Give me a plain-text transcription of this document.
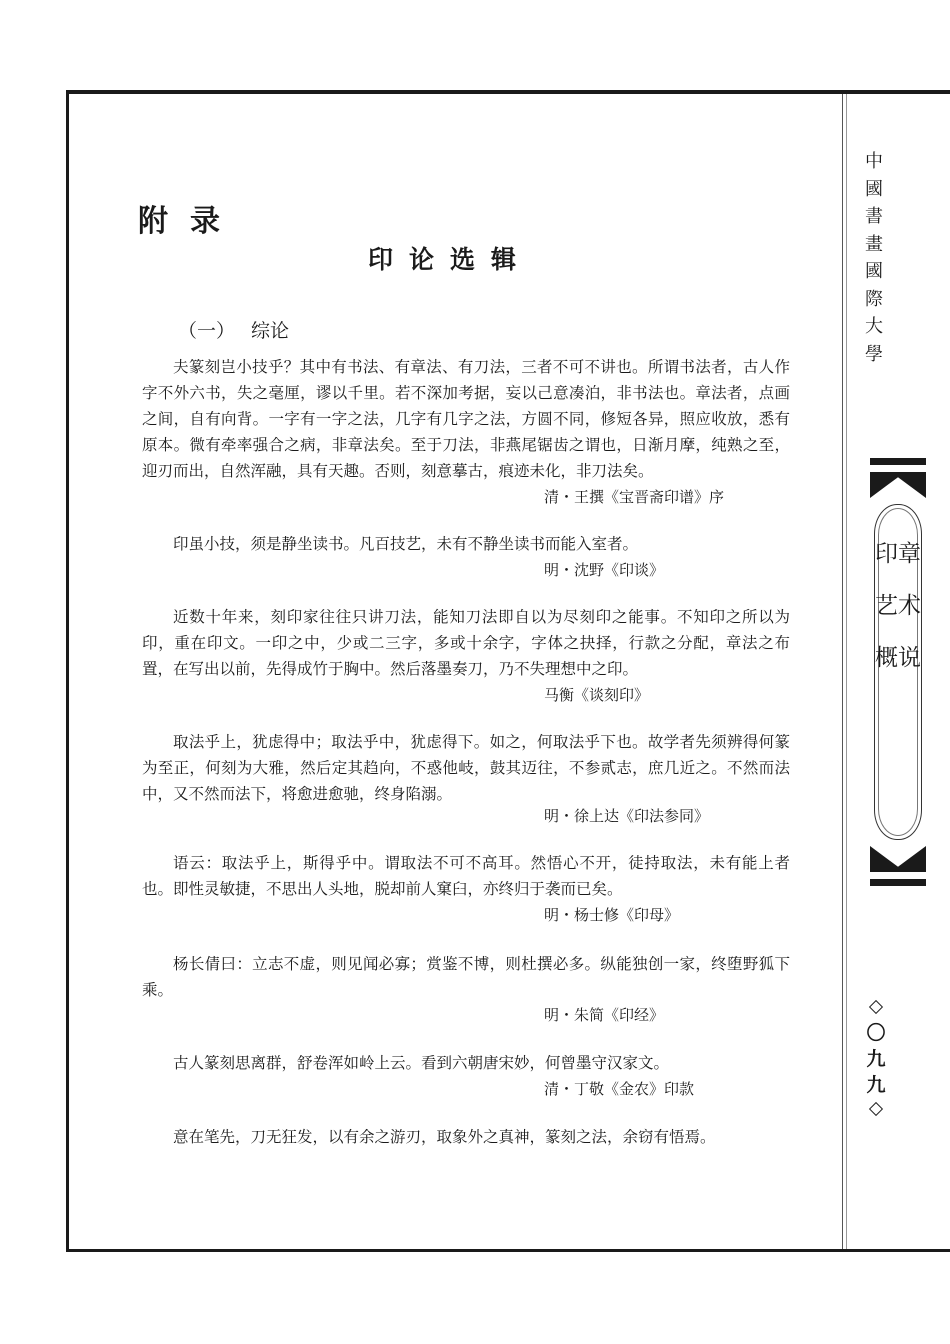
附录
印论选辑
（一） 综论

夫篆刻岂小技乎？其中有书法、有章法、有刀法，三者不可不讲也。所谓书法者，古人作字不外六书，失之毫厘，谬以千里。若不深加考据，妄以己意凑泊，非书法也。章法者，点画之间，自有向背。一字有一字之法，几字有几字之法，方圆不同，修短各异，照应收放，悉有原本。微有牵率强合之病，非章法矣。至于刀法，非燕尾锯齿之谓也，日渐月摩，纯熟之至，迎刃而出，自然浑融，具有天趣。否则，刻意摹古，痕迹未化，非刀法矣。

清・王撰《宝晋斋印谱》序

印虽小技，须是静坐读书。凡百技艺，未有不静坐读书而能入室者。

明・沈野《印谈》

近数十年来，刻印家往往只讲刀法，能知刀法即自以为尽刻印之能事。不知印之所以为印，重在印文。一印之中，少或二三字，多或十余字，字体之抉择，行款之分配，章法之布置，在写出以前，先得成竹于胸中。然后落墨奏刀，乃不失理想中之印。

马衡《谈刻印》

取法乎上，犹虑得中；取法乎中，犹虑得下。如之，何取法乎下也。故学者先须辨得何篆为至正，何刻为大雅，然后定其趋向，不惑他岐，鼓其迈往，不参贰志，庶几近之。不然而法中，又不然而法下，将愈进愈驰，终身陷溺。

明・徐上达《印法参同》

语云：取法乎上，斯得乎中。谓取法不可不高耳。然悟心不开，徒持取法，未有能上者也。即性灵敏捷，不思出人头地，脱却前人窠臼，亦终归于袭而已矣。

明・杨士修《印母》

杨长倩曰：立志不虚，则见闻必寡；赏鉴不博，则杜撰必多。纵能独创一家，终堕野狐下乘。

明・朱简《印经》

古人篆刻思离群，舒卷浑如岭上云。看到六朝唐宋妙，何曾墨守汉家文。

清・丁敬《金农》印款

意在笔先，刀无狂发，以有余之游刃，取象外之真神，篆刻之法，余窃有悟焉。

中國書畫國際大學
印章艺术概说
〇九九
